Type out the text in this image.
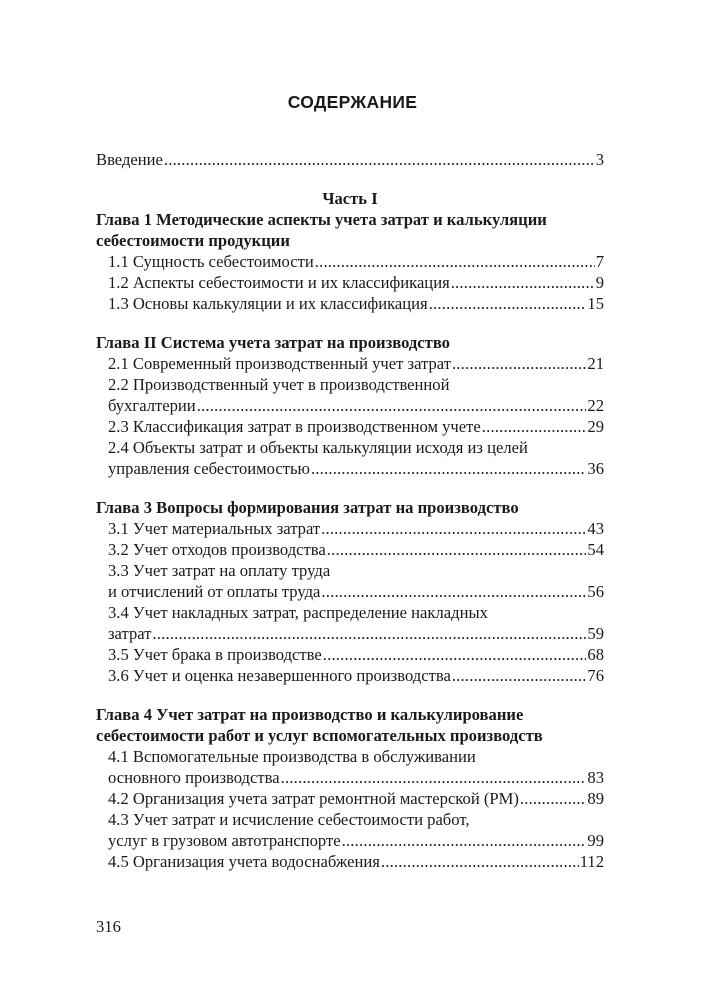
СОДЕРЖАНИЕ
Введение .....	3
Часть I
Глава 1 Методические аспекты учета затрат и калькуляции
себестоимости продукции
1.1 Сущность себестоимости .....	7
1.2 Аспекты себестоимости и их классификация .....	9
1.3 Основы калькуляции и их классификация .....	15
Глава II Система учета затрат на производство
2.1 Современный производственный учет затрат .....	21
2.2 Производственный учет в производственной
бухгалтерии .....	22
2.3 Классификация затрат в производственном учете .....	29
2.4 Объекты затрат и объекты калькуляции исходя из целей
управления себестоимостью .....	36
Глава 3 Вопросы формирования затрат на производство
3.1 Учет материальных затрат .....	43
3.2 Учет отходов производства .....	54
3.3 Учет затрат на оплату труда
и отчислений от оплаты труда .....	56
3.4 Учет накладных затрат, распределение накладных
затрат .....	59
3.5 Учет брака в производстве .....	68
3.6 Учет и оценка незавершенного производства .....	76
Глава 4 Учет затрат на производство и калькулирование
себестоимости работ и услуг вспомогательных производств
4.1 Вспомогательные производства в обслуживании
основного производства .....	83
4.2 Организация учета затрат ремонтной мастерской (РМ) .....	89
4.3 Учет затрат и исчисление себестоимости работ,
услуг в грузовом автотранспорте .....	99
4.5 Организация учета водоснабжения .....	112
316
